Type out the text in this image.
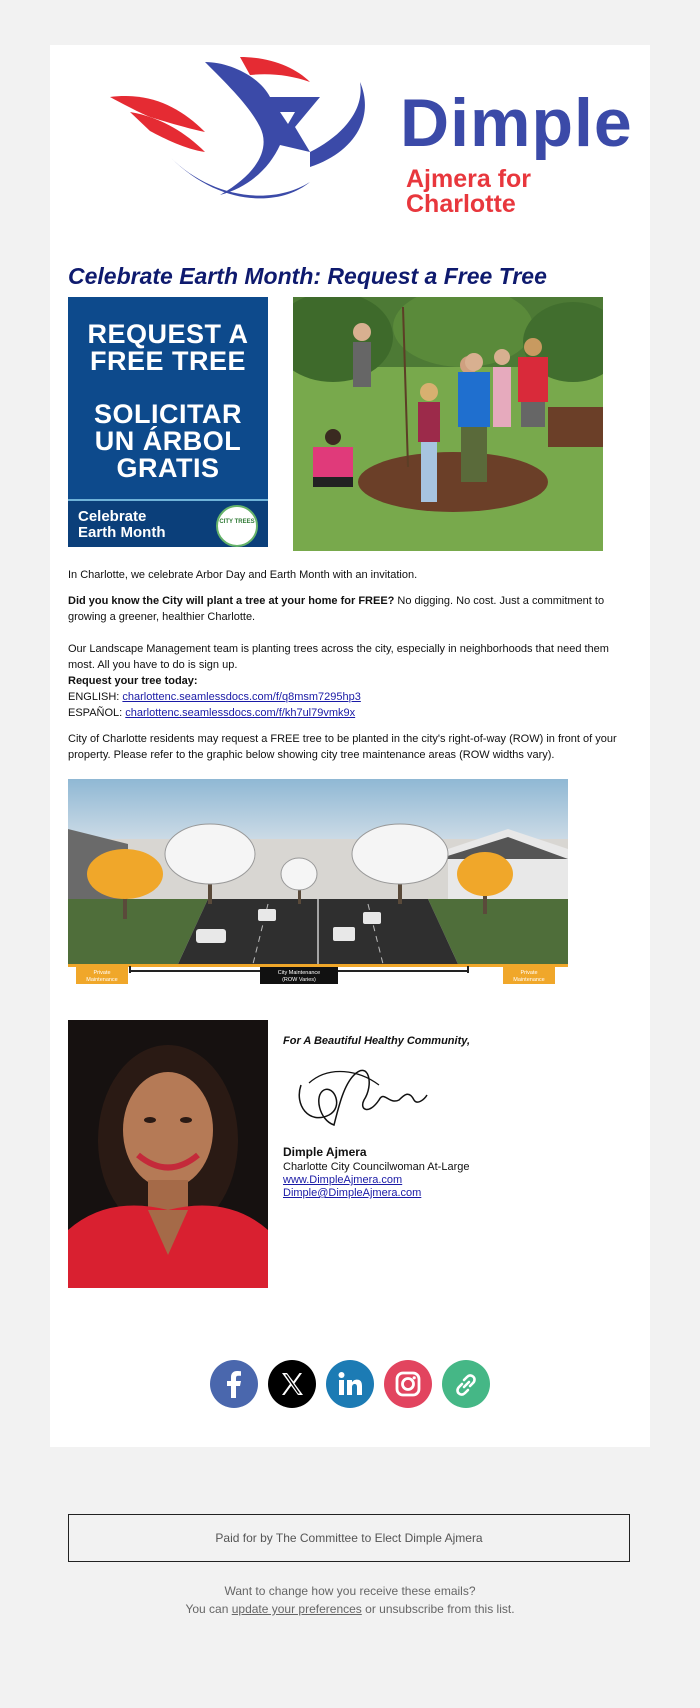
Dimple
Ajmera for Charlotte
Celebrate Earth Month: Request a Free Tree
REQUEST A
FREE TREE
SOLICITAR
UN ÁRBOL
GRATIS
Celebrate
Earth Month
CITY TREES
In Charlotte, we celebrate Arbor Day and Earth Month with an invitation.
Did you know the City will plant a tree at your home for FREE? No digging. No cost. Just a commitment to growing a greener, healthier Charlotte.
Our Landscape Management team is planting trees across the city, especially in neighborhoods that need them most. All you have to do is sign up.
Request your tree today:
ENGLISH: charlottenc.seamlessdocs.com/f/q8msm7295hp3
ESPAÑOL: charlottenc.seamlessdocs.com/f/kh7ul79vmk9x
City of Charlotte residents may request a FREE tree to be planted in the city's right-of-way (ROW) in front of your property. Please refer to the graphic below showing city tree maintenance areas (ROW widths vary).
Private
Maintenance
City Maintenance
(ROW Varies)
Private
Maintenance
For A Beautiful Healthy Community,
Dimple Ajmera
Charlotte City Councilwoman At-Large
www.DimpleAjmera.com
Dimple@DimpleAjmera.com
Paid for by The Committee to Elect Dimple Ajmera
Want to change how you receive these emails?
You can update your preferences or unsubscribe from this list.
